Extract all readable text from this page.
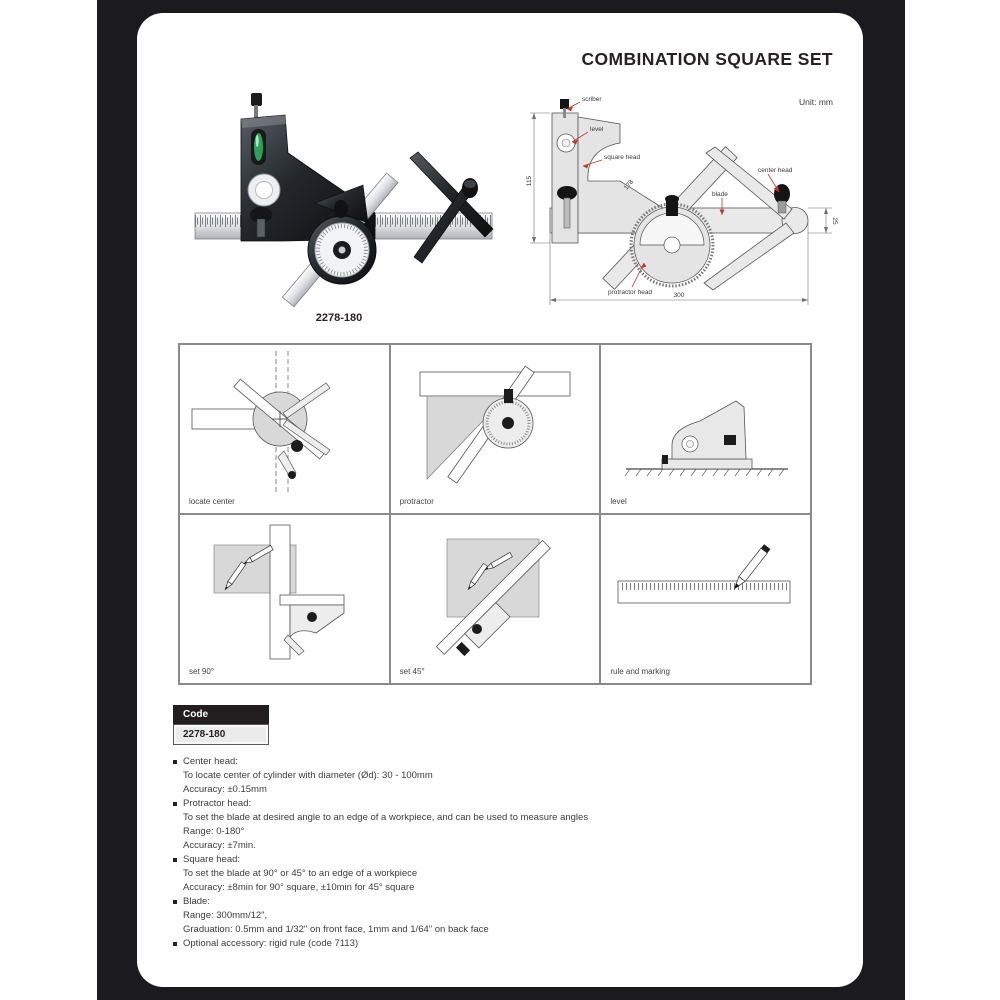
COMBINATION SQUARE SET
Unit: mm
2278-180
115
300
25
178
scriber
level
square head
center head
blade
protractor head
locate center	protractor	level
set 90°	set 45°	rule and marking
Code
2278-180
Center head:
To locate center of cylinder with diameter (Ød): 30 - 100mm
Accuracy: ±0.15mm
Protractor head:
To set the blade at desired angle to an edge of a workpiece, and can be used to measure angles
Range: 0-180°
Accuracy: ±7min.
Square head:
To set the blade at 90° or 45° to an edge of a workpiece
Accuracy: ±8min for 90° square, ±10min for 45° square
Blade:
Range: 300mm/12",
Graduation: 0.5mm and 1/32" on front face, 1mm and 1/64" on back face
Optional accessory: rigid rule (code 7113)
